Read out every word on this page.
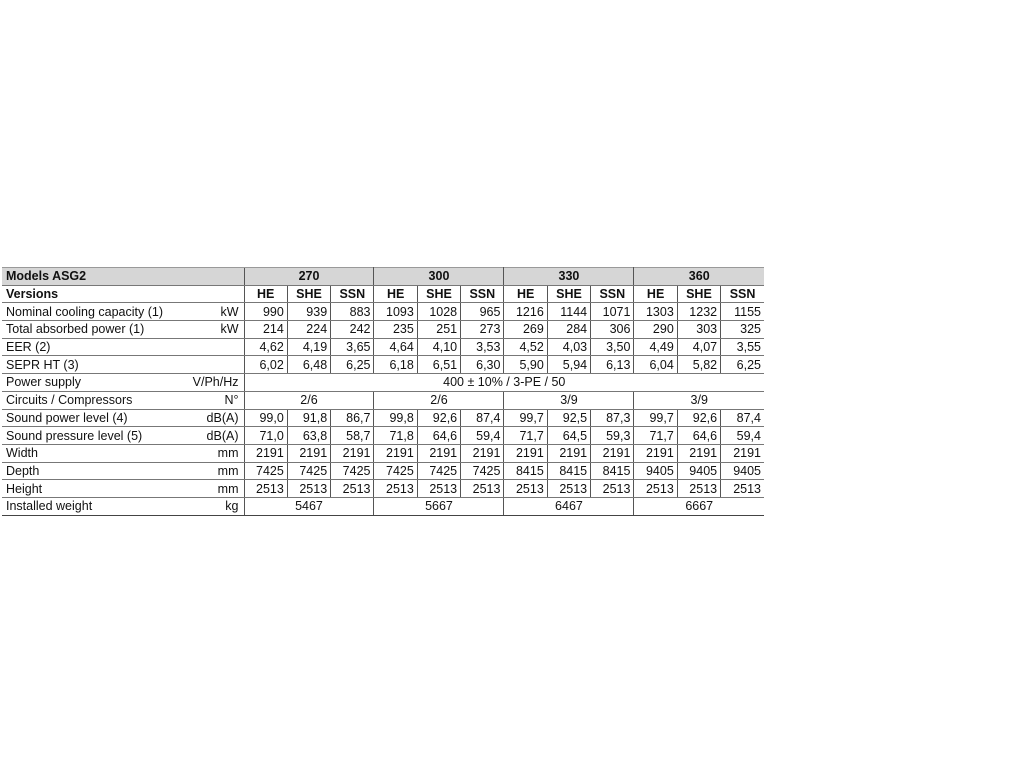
Models ASG2	270			300			330			360		
Versions	HE	SHE	SSN	HE	SHE	SSN	HE	SHE	SSN	HE	SHE	SSN
Nominal cooling capacity (1) kW	990	939	883	1093	1028	965	1216	1144	1071	1303	1232	1155
Total absorbed power (1) kW	214	224	242	235	251	273	269	284	306	290	303	325
EER (2)	4,62	4,19	3,65	4,64	4,10	3,53	4,52	4,03	3,50	4,49	4,07	3,55
SEPR HT (3)	6,02	6,48	6,25	6,18	6,51	6,30	5,90	5,94	6,13	6,04	5,82	6,25
Power supply V/Ph/Hz	400 ± 10% / 3-PE / 50											
Circuits / Compressors N°	2/6			2/6			3/9			3/9		
Sound power level (4) dB(A)	99,0	91,8	86,7	99,8	92,6	87,4	99,7	92,5	87,3	99,7	92,6	87,4
Sound pressure level (5) dB(A)	71,0	63,8	58,7	71,8	64,6	59,4	71,7	64,5	59,3	71,7	64,6	59,4
Width mm	2191	2191	2191	2191	2191	2191	2191	2191	2191	2191	2191	2191
Depth mm	7425	7425	7425	7425	7425	7425	8415	8415	8415	9405	9405	9405
Height mm	2513	2513	2513	2513	2513	2513	2513	2513	2513	2513	2513	2513
Installed weight kg	5467			5667			6467			6667		
